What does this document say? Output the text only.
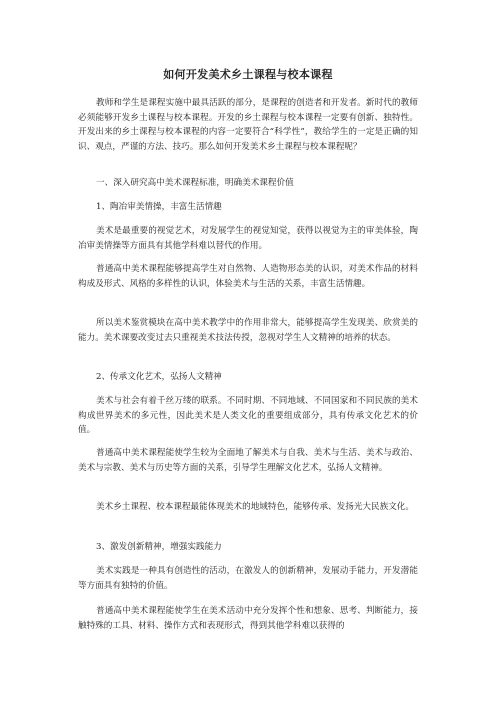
如何开发美术乡土课程与校本课程

教师和学生是课程实施中最具活跃的部分，是课程的创造者和开发者。新时代的教师必须能够开发乡土课程与校本课程。开发的乡土课程与校本课程一定要有创新、独特性。开发出来的乡土课程与校本课程的内容一定要符合“科学性”，教给学生的一定是正确的知识、观点，严谨的方法、技巧。那么如何开发美术乡土课程与校本课程呢？

一、深入研究高中美术课程标准，明确美术课程价值

1、陶冶审美情操，丰富生活情趣

美术是最重要的视觉艺术，对发展学生的视觉知觉，获得以视觉为主的审美体验，陶冶审美情操等方面具有其他学科难以替代的作用。

普通高中美术课程能够提高学生对自然物、人造物形态美的认识，对美术作品的材料构成及形式、风格的多样性的认识，体验美术与生活的关系，丰富生活情趣。

所以美术鉴赏模块在高中美术教学中的作用非常大，能够提高学生发现美、欣赏美的能力。美术课要改变过去只重视美术技法传授，忽视对学生人文精神的培养的状态。

2、传承文化艺术，弘扬人文精神

美术与社会有着千丝万缕的联系。不同时期、不同地域、不同国家和不同民族的美术构成世界美术的多元性，因此美术是人类文化的重要组成部分，具有传承文化艺术的价值。

普通高中美术课程能使学生较为全面地了解美术与自我、美术与生活、美术与政治、美术与宗教、美术与历史等方面的关系，引导学生理解文化艺术，弘扬人文精神。

美术乡土课程、校本课程最能体现美术的地域特色，能够传承、发扬光大民族文化。

3、激发创新精神，增强实践能力

美术实践是一种具有创造性的活动，在激发人的创新精神，发展动手能力，开发潜能等方面具有独特的价值。

普通高中美术课程能使学生在美术活动中充分发挥个性和想象、思考、判断能力，接触特殊的工具、材料、操作方式和表现形式，得到其他学科难以获得的
